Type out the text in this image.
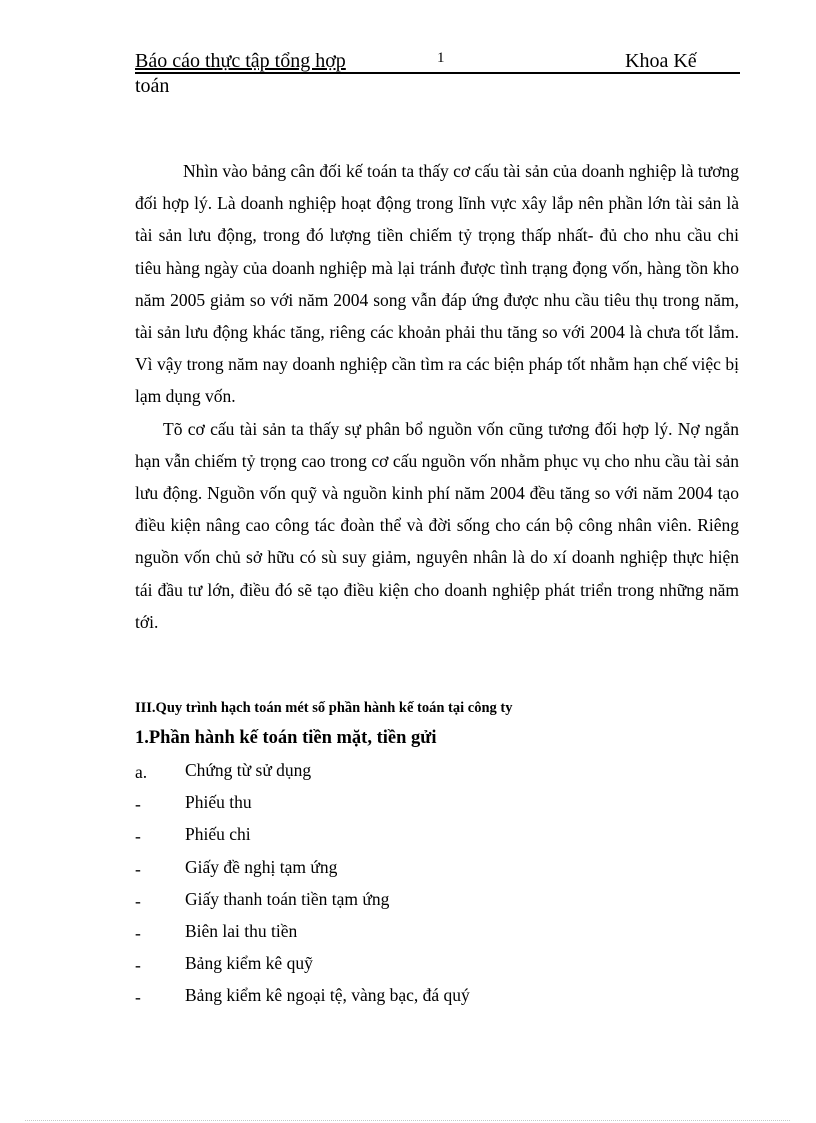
Báo cáo thực tập tổng hợp	1	Khoa Kế
toán

Nhìn vào bảng cân đối kế toán ta thấy cơ cấu tài sản của doanh nghiệp là tương đối hợp lý. Là doanh nghiệp hoạt động trong lĩnh vực xây lắp nên phần lớn tài sản là tài sản lưu động, trong đó lượng tiền chiếm tỷ trọng thấp nhất- đủ cho nhu cầu chi tiêu hàng ngày của doanh nghiệp mà lại tránh được tình trạng đọng vốn, hàng tồn kho năm 2005 giảm so với năm 2004 song vẫn đáp ứng được nhu cầu tiêu thụ trong năm, tài sản lưu động khác tăng, riêng các khoản phải thu tăng so với 2004 là chưa tốt lắm. Vì vậy trong năm nay doanh nghiệp cần tìm ra các biện pháp tốt nhằm hạn chế việc bị lạm dụng vốn.

Tõ cơ cấu tài sản ta thấy sự phân bổ nguồn vốn cũng tương đối hợp lý. Nợ ngắn hạn vẫn chiếm tỷ trọng cao trong cơ cấu nguồn vốn nhằm phục vụ cho nhu cầu tài sản lưu động. Nguồn vốn quỹ và nguồn kinh phí năm 2004 đều tăng so với năm 2004 tạo điều kiện nâng cao công tác đoàn thể và đời sống cho cán bộ công nhân viên. Riêng nguồn vốn chủ sở hữu có sù suy giảm, nguyên nhân là do xí doanh nghiệp thực hiện tái đầu tư lớn, điều đó sẽ tạo điều kiện cho doanh nghiệp phát triển trong những năm tới.

III.Quy trình hạch toán mét số phần hành kế toán tại công ty
1.Phần hành kế toán tiền mặt, tiền gửi
a. Chứng từ sử dụng
-	Phiếu thu
-	Phiếu chi
-	Giấy đề nghị tạm ứng
-	Giấy thanh toán tiền tạm ứng
-	Biên lai thu tiền
-	Bảng kiểm kê quỹ
-	Bảng kiểm kê ngoại tệ, vàng bạc, đá quý
